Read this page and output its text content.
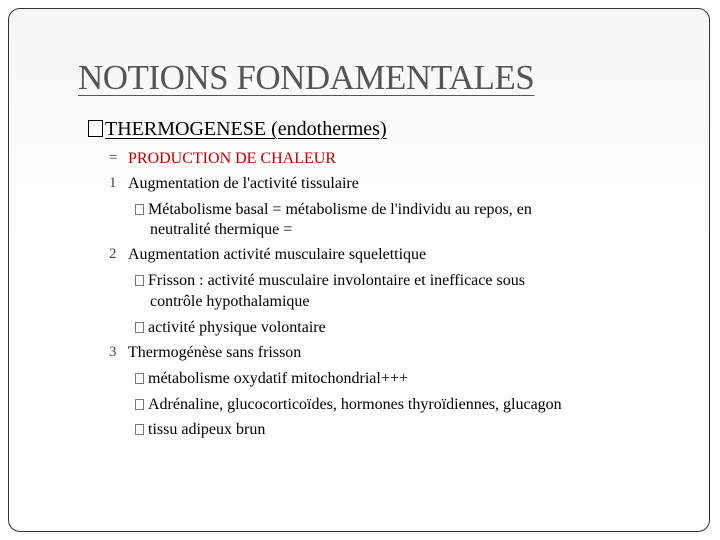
NOTIONS FONDAMENTALES
THERMOGENESE (endothermes)
= PRODUCTION DE CHALEUR
1 Augmentation de l'activité tissulaire
Métabolisme basal = métabolisme de l'individu au repos, en
neutralité thermique =
2 Augmentation activité musculaire squelettique
Frisson : activité musculaire involontaire et inefficace sous
contrôle hypothalamique
activité physique volontaire
3 Thermogénèse sans frisson
métabolisme oxydatif mitochondrial+++
Adrénaline, glucocorticoïdes, hormones thyroïdiennes, glucagon
tissu adipeux brun
